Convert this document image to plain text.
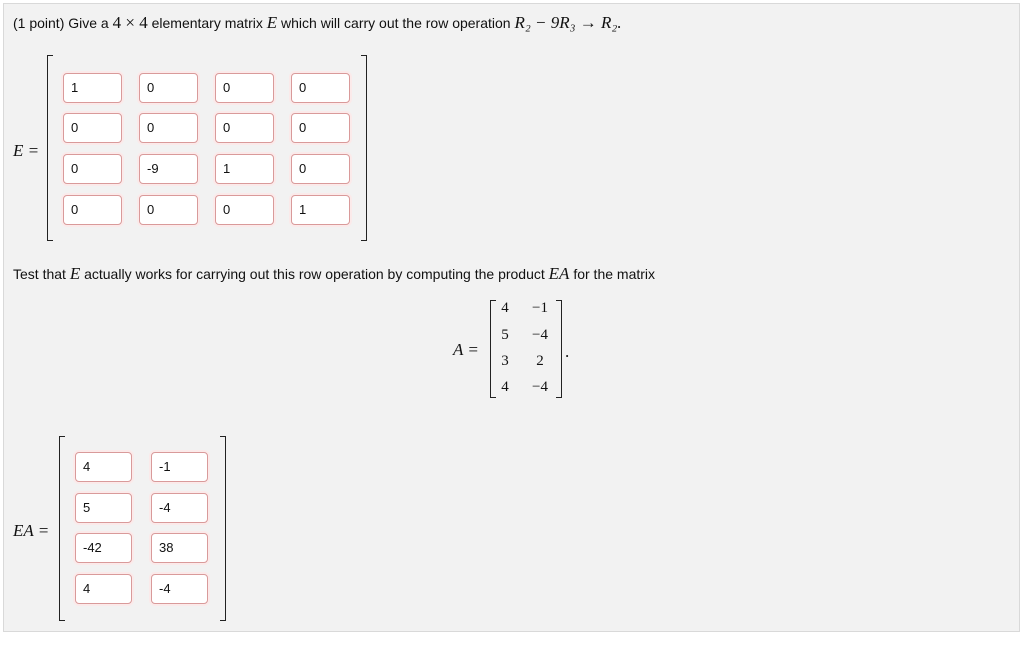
(1 point) Give a 4 × 4 elementary matrix E which will carry out the row operation R₂ − 9R₃ → R₂.
E =
1	0	0	0
0	0	0	0
0	-9	1	0
0	0	0	1
Test that E actually works for carrying out this row operation by computing the product EA for the matrix
A =
4	−1
5	−4
3	2
4	−4
.
EA =
4	-1
5	-4
-42	38
4	-4
